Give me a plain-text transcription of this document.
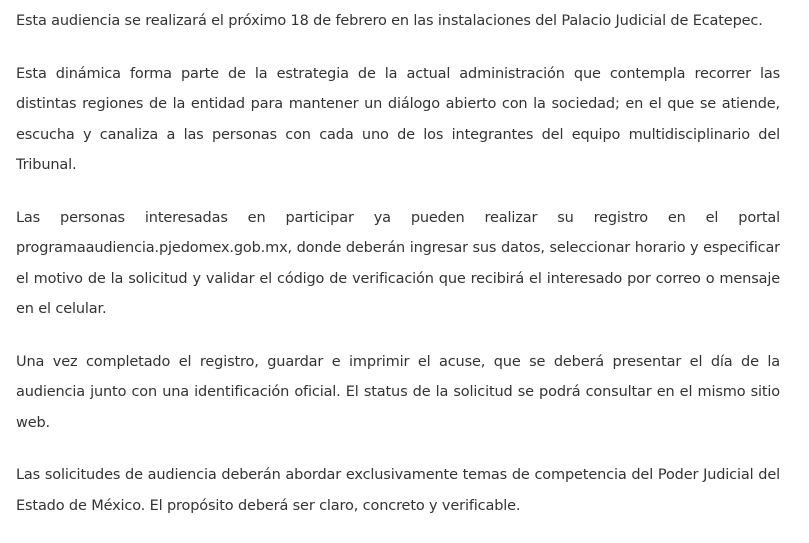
Esta audiencia se realizará el próximo 18 de febrero en las instalaciones del Palacio Judicial de Ecatepec.

Esta dinámica forma parte de la estrategia de la actual administración que contempla recorrer las distintas regiones de la entidad para mantener un diálogo abierto con la sociedad; en el que se atiende, escucha y canaliza a las personas con cada uno de los integrantes del equipo multidisciplinario del Tribunal.

Las personas interesadas en participar ya pueden realizar su registro en el portal programaaudiencia.pjedomex.gob.mx, donde deberán ingresar sus datos, seleccionar horario y especificar el motivo de la solicitud y validar el código de verificación que recibirá el interesado por correo o mensaje en el celular.

Una vez completado el registro, guardar e imprimir el acuse, que se deberá presentar el día de la audiencia junto con una identificación oficial. El status de la solicitud se podrá consultar en el mismo sitio web.

Las solicitudes de audiencia deberán abordar exclusivamente temas de competencia del Poder Judicial del Estado de México. El propósito deberá ser claro, concreto y verificable.
